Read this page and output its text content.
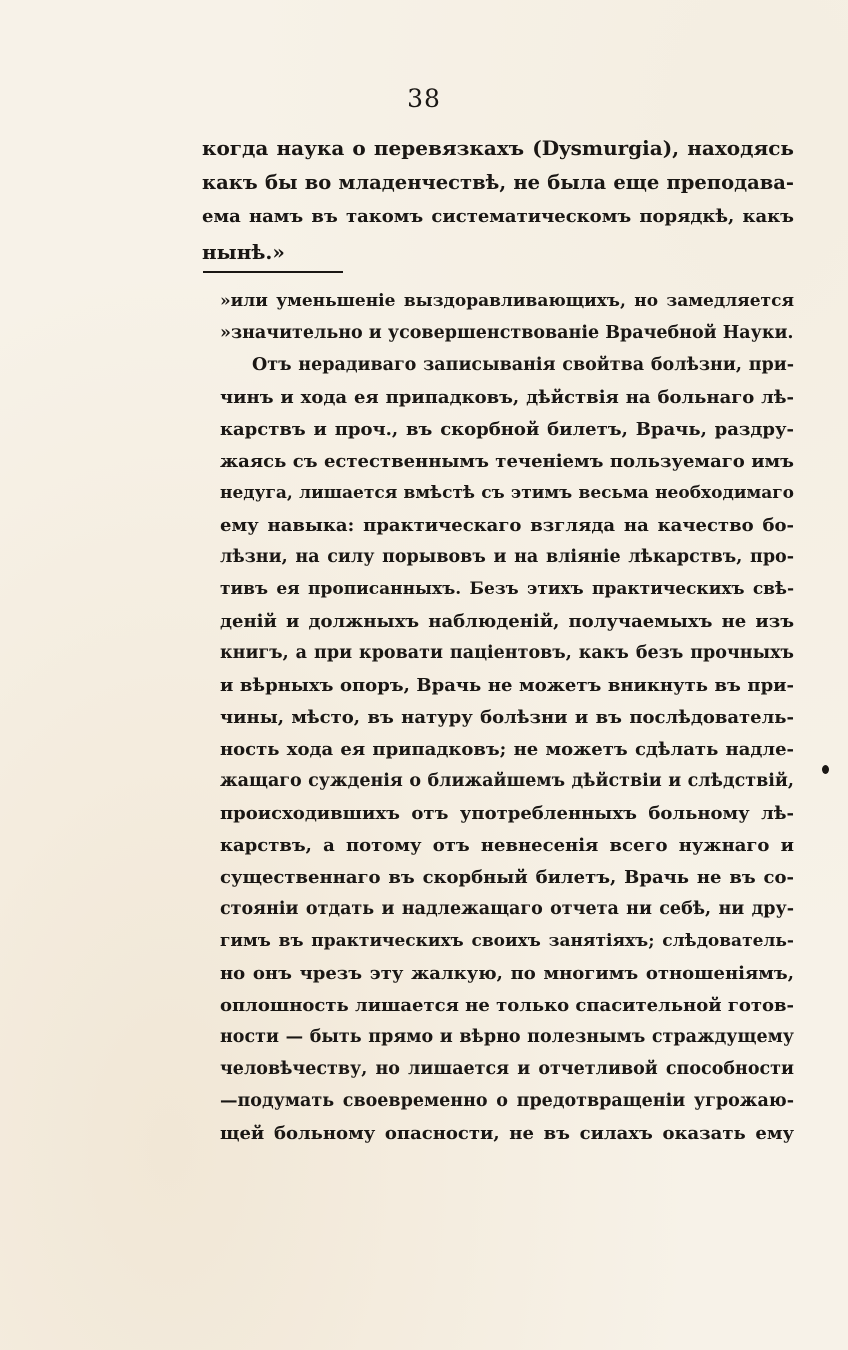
38
когда наука о перевязкахъ (Dysmurgia), находясь
какъ бы во младенчествѣ, не была еще преподава-
ема намъ въ такомъ систематическомъ порядкѣ, какъ
нынѣ.»
»или уменьшеніе выздоравливающихъ, но замедляется
»значительно и усовершенствованіе Врачебной Науки.
Отъ нерадиваго записыванія свойтва болѣзни, при-
чинъ и хода ея припадковъ, дѣйствія на больнаго лѣ-
карствъ и проч., въ скорбной билетъ, Врачь, раздру-
жаясь съ естественнымъ теченіемъ пользуемаго имъ
недуга, лишается вмѣстѣ съ этимъ весьма необходимаго
ему навыка: практическаго взгляда на качество бо-
лѣзни, на силу порывовъ и на вліяніе лѣкарствъ, про-
тивъ ея прописанныхъ. Безъ этихъ практическихъ свѣ-
деній и должныхъ наблюденій, получаемыхъ не изъ
книгъ, а при кровати паціентовъ, какъ безъ прочныхъ
и вѣрныхъ опоръ, Врачь не можетъ вникнуть въ при-
чины, мѣсто, въ натуру болѣзни и въ послѣдователь-
ность хода ея припадковъ; не можетъ сдѣлать надле-
жащаго сужденія о ближайшемъ дѣйствіи и слѣдствій,
происходившихъ отъ употребленныхъ больному лѣ-
карствъ, а потому отъ невнесенія всего нужнаго и
существеннаго въ скорбный билетъ, Врачь не въ со-
стояніи отдать и надлежащаго отчета ни себѣ, ни дру-
гимъ въ практическихъ своихъ занятіяхъ; слѣдователь-
но онъ чрезъ эту жалкую, по многимъ отношеніямъ,
оплошность лишается не только спасительной готов-
ности — быть прямо и вѣрно полезнымъ страждущему
человѣчеству, но лишается и отчетливой способности
—подумать своевременно о предотвращеніи угрожаю-
щей больному опасности, не въ силахъ оказать ему
